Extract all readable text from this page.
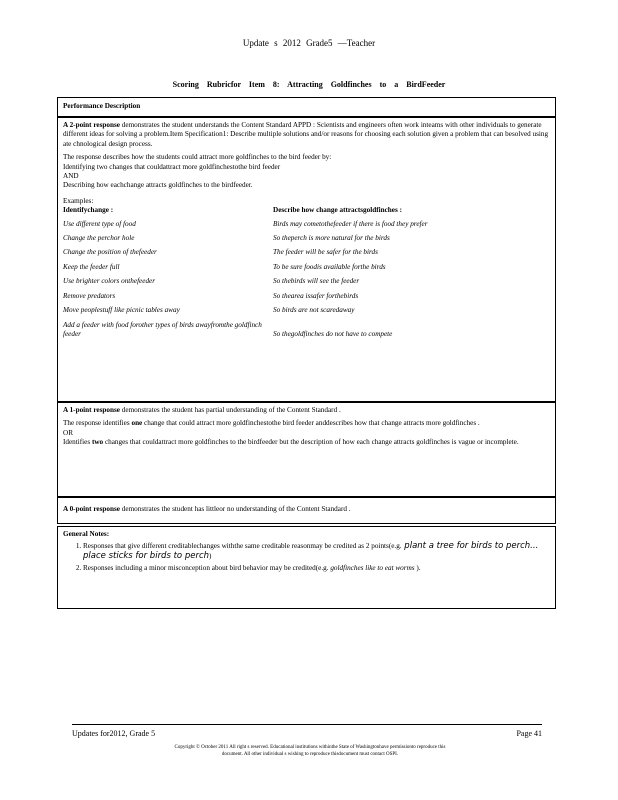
Update s 2012 Grade5 —Teacher
Scoring Rubricfor Item 8: Attracting Goldfinches to a BirdFeeder
Performance Description

A 2-point response demonstrates the student understands the Content Standard APPD : Scientists and engineers often work inteams with other individuals to generate different ideas for solving a problem.Item Specification1: Describe multiple solutions and/or reasons for choosing each solution given a problem that can besolved using ate chnological design process.

The response describes how the students could attract more goldfinches to the bird feeder by:

Identifying two changes that couldattract more goldfinchestothe bird feeder

AND

Describing how eachchange attracts goldfinches to the birdfeeder.

Examples:

Identifychange :	Describe how change attractsgoldfinches :
Use different type of food	Birds may cometothefeeder if there is food they prefer
Change the perchor hole	So theperch is more natural for the birds
Change the position of thefeeder	The feeder will be safer for the birds
Keep the feeder full	To be sure foodis available forthe birds
Use brighter colors onthefeeder	So thebirds will see the feeder
Remove predators	So thearea issafer forthebirds
Move peoplestuff like picnic tables away	So birds are not scaredaway
Add a feeder with food forother types of birds awayfromthe goldfinch feeder	So thegoldfinches do not have to compete

A 1-point response demonstrates the student has partial understanding of the Content Standard .

The response identifies one change that could attract more goldfinchestothe bird feeder anddescribes how that change attracts more goldfinches .

OR

Identifies two changes that couldattract more goldfinches to the birdfeeder but the description of how each change attracts goldfinches is vague or incomplete.

A 0-point response demonstrates the student has littleor no understanding of the Content Standard .

General Notes:

1. Responses that give different creditablechanges withthe same creditable reasonmay be credited as 2 points(e.g. plant a tree for birds to perch... place sticks for birds to perch)
2. Responses including a minor misconception about bird behavior may be credited(e.g. goldfinches like to eat worms ).
Updates for2012, Grade 5	Page 41
Copyright © October 2011 All right s reserved. Educational institutions withinthe State of Washingtonhave permissionto reproduce this
document. All other individual s wishing to reproduce thisdocument must contact OSPI.
